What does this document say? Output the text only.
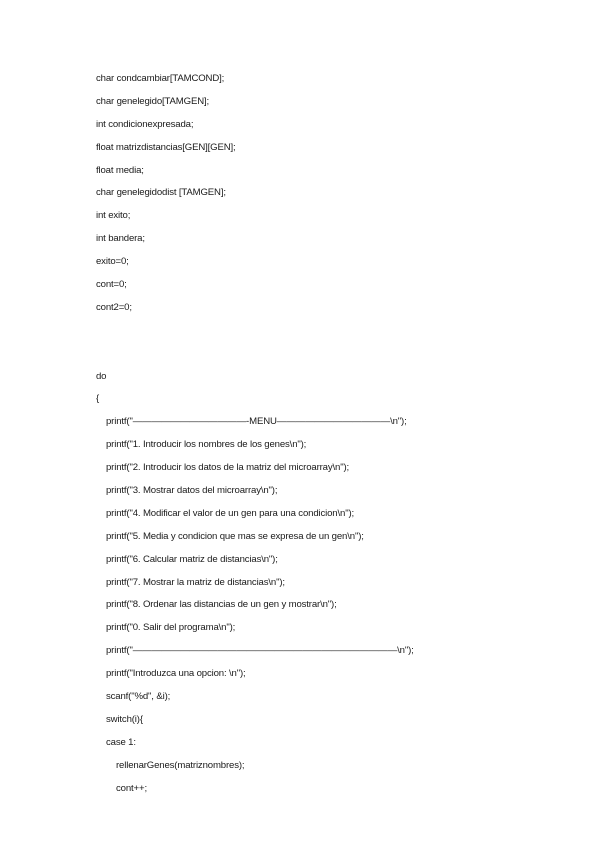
char condcambiar[TAMCOND];
char genelegido[TAMGEN];
int condicionexpresada;
float matrizdistancias[GEN][GEN];
float media;
char genelegidodist [TAMGEN];
int exito;
int bandera;
exito=0;
cont=0;
cont2=0;
do
{
printf("————————————-MENU————————————\n");
printf("1. Introducir los nombres de los genes\n");
printf("2. Introducir los datos de la matriz del microarray\n");
printf("3. Mostrar datos del microarray\n");
printf("4. Modificar el valor de un gen para una condicion\n");
printf("5. Media y condicion que mas se expresa de un gen\n");
printf("6. Calcular matriz de distancias\n");
printf("7. Mostrar la matriz de distancias\n");
printf("8. Ordenar las distancias de un gen y mostrar\n");
printf("0. Salir del programa\n");
printf("————————————————————————————\n");
printf("Introduzca una opcion: \n");
scanf("%d", &i);
switch(i){
case 1:
rellenarGenes(matriznombres);
cont++;
